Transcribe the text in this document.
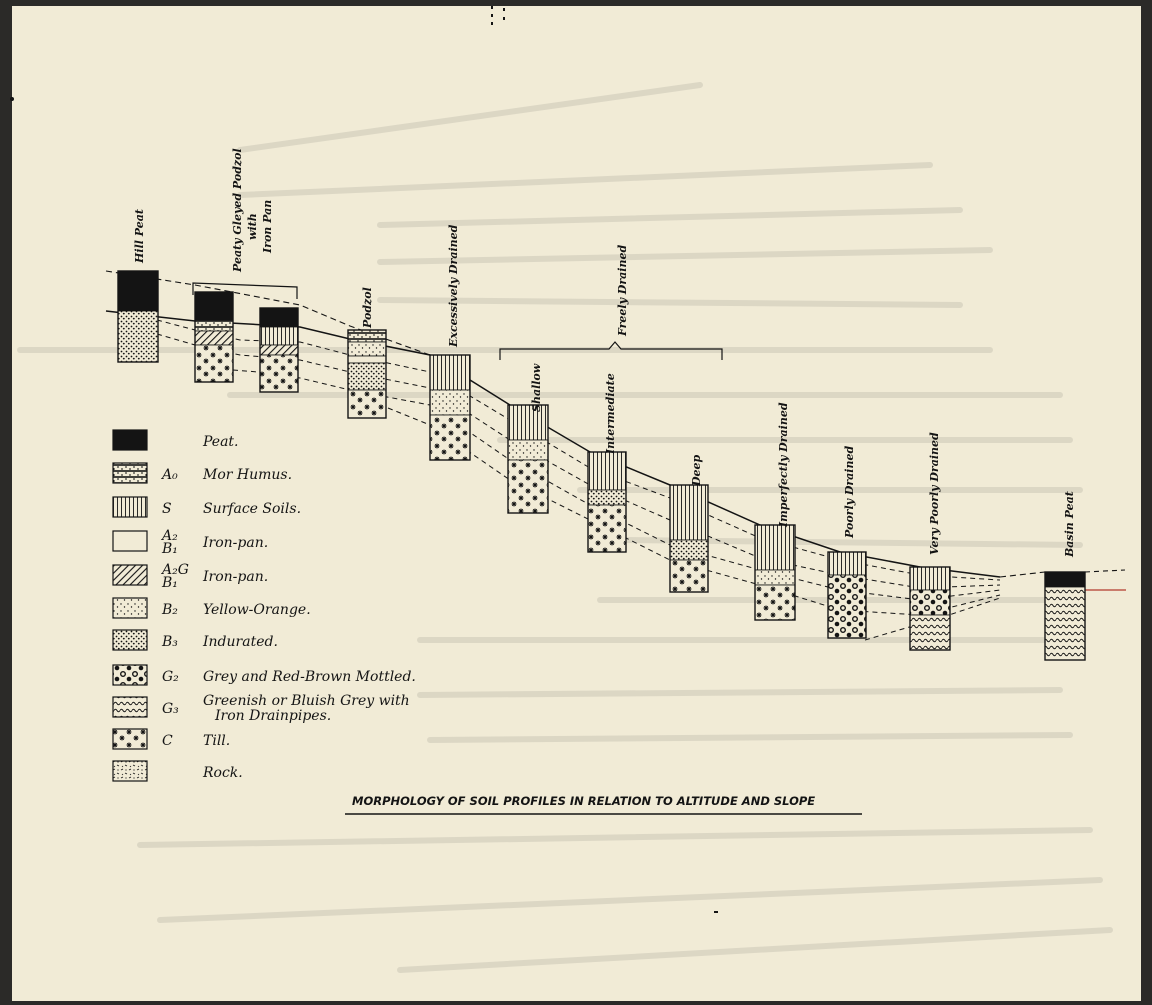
Hill Peat	Peaty Gleyed Podzol with Iron Pan
Podzol	Excessively Drained	Freely Drained
Shallow	Intermediate
Deep	Imperfectly Drained	Poorly Drained	Very Poorly Drained	Basin Peat
Peat.
A₀ Mor Humus.
S Surface Soils.
A₂
B₁ Iron-pan.
A₂G
B₁ Iron-pan.
B₂ Yellow-Orange.
B₃ Indurated.
G₂ Grey and Red-Brown Mottled.
G₃ Greenish or Bluish Grey with
Iron Drainpipes.
C Till.
Rock.
MORPHOLOGY OF SOIL PROFILES IN RELATION TO ALTITUDE AND SLOPE
